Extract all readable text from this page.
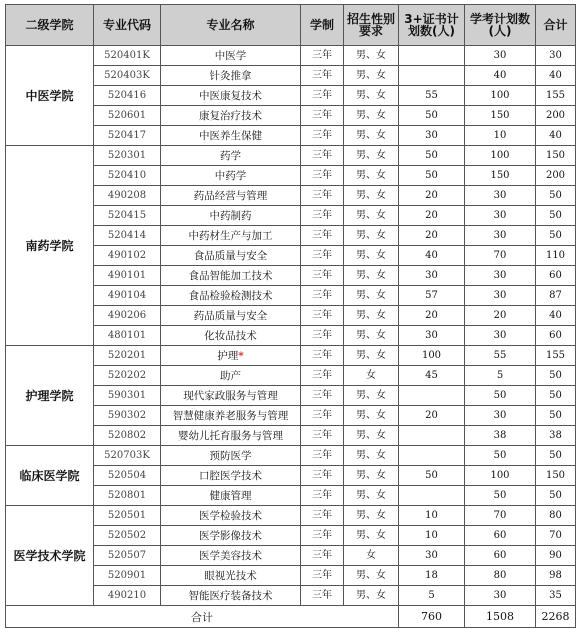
二级学院	专业代码	专业名称	学制	招生性别要求	3+证书计划数(人)	学考计划数(人)	合计
中医学院	520401K	中医学	三年	男、女		30	30
	520403K	针灸推拿	三年	男、女		40	40
	520416	中医康复技术	三年	男、女	55	100	155
	520601	康复治疗技术	三年	男、女	50	150	200
	520417	中医养生保健	三年	男、女	30	10	40
南药学院	520301	药学	三年	男、女	50	100	150
	520410	中药学	三年	男、女	50	150	200
	490208	药品经营与管理	三年	男、女	20	30	50
	520415	中药制药	三年	男、女	20	30	50
	520414	中药材生产与加工	三年	男、女	20	30	50
	490102	食品质量与安全	三年	男、女	40	70	110
	490101	食品智能加工技术	三年	男、女	30	30	60
	490104	食品检验检测技术	三年	男、女	57	30	87
	490206	药品质量与安全	三年	男、女	20	20	40
	480101	化妆品技术	三年	男、女	30	30	60
护理学院	520201	护理*	三年	男、女	100	55	155
	520202	助产	三年	女	45	5	50
	590301	现代家政服务与管理	三年	男、女		50	50
	590302	智慧健康养老服务与管理	三年	男、女	20	30	50
	520802	婴幼儿托育服务与管理	三年	男、女		38	38
临床医学院	520703K	预防医学	三年	男、女		50	50
	520504	口腔医学技术	三年	男、女	50	100	150
	520801	健康管理	三年	男、女		50	50
医学技术学院	520501	医学检验技术	三年	男、女	10	70	80
	520502	医学影像技术	三年	男、女	10	60	70
	520507	医学美容技术	三年	女	30	60	90
	520901	眼视光技术	三年	男、女	18	80	98
	490210	智能医疗装备技术	三年	男、女	5	30	35
合计					760	1508	2268
